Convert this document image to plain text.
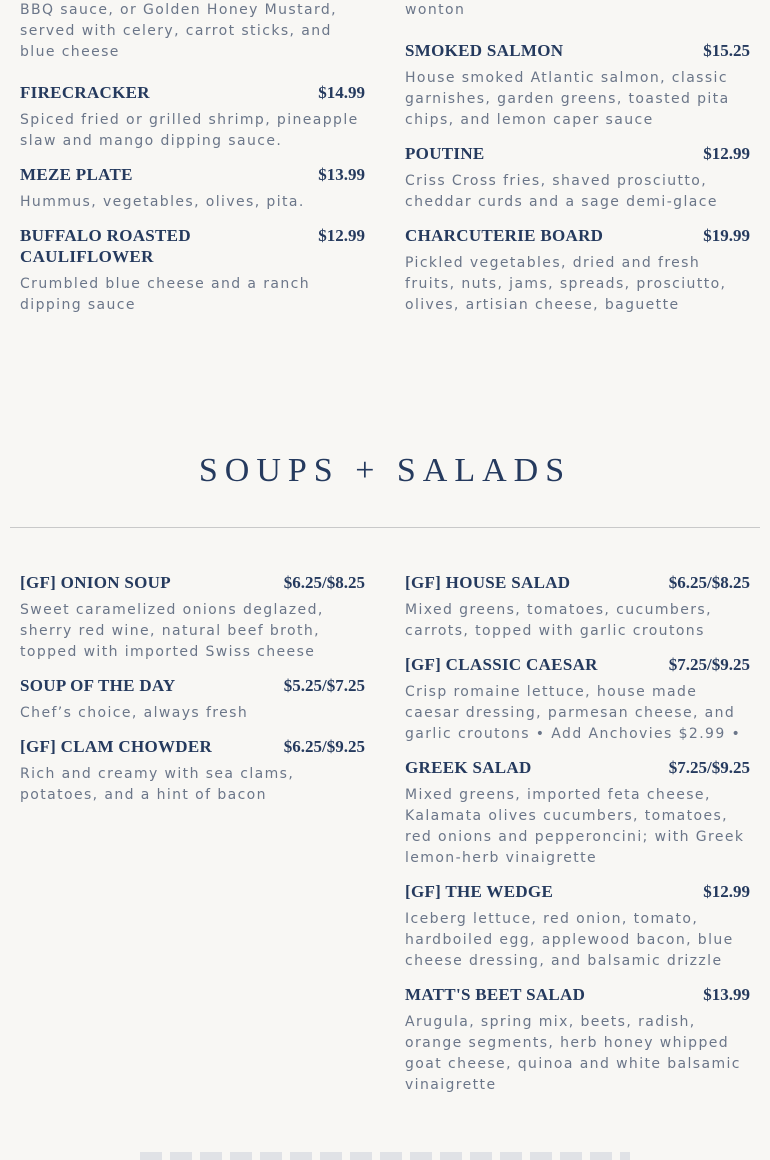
BBQ sauce, or Golden Honey Mustard, served with celery, carrot sticks, and blue cheese
FIRECRACKER	$14.99
Spiced fried or grilled shrimp, pineapple slaw and mango dipping sauce.
MEZE PLATE	$13.99
Hummus, vegetables, olives, pita.
BUFFALO ROASTED CAULIFLOWER
$12.99
Crumbled blue cheese and a ranch dipping sauce
wonton
SMOKED SALMON	$15.25
House smoked Atlantic salmon, classic garnishes, garden greens, toasted pita chips, and lemon caper sauce
POUTINE	$12.99
Criss Cross fries, shaved prosciutto, cheddar curds and a sage demi-glace
CHARCUTERIE BOARD	$19.99
Pickled vegetables, dried and fresh fruits, nuts, jams, spreads, prosciutto, olives, artisian cheese, baguette
SOUPS + SALADS
[GF] ONION SOUP	$6.25/$8.25
Sweet caramelized onions deglazed, sherry red wine, natural beef broth, topped with imported Swiss cheese
SOUP OF THE DAY	$5.25/$7.25
Chef’s choice, always fresh
[GF] CLAM CHOWDER	$6.25/$9.25
Rich and creamy with sea clams, potatoes, and a hint of bacon
[GF] HOUSE SALAD	$6.25/$8.25
Mixed greens, tomatoes, cucumbers, carrots, topped with garlic croutons
[GF] CLASSIC CAESAR	$7.25/$9.25
Crisp romaine lettuce, house made caesar dressing, parmesan cheese, and garlic croutons • Add Anchovies $2.99 •
GREEK SALAD	$7.25/$9.25
Mixed greens, imported feta cheese, Kalamata olives cucumbers, tomatoes, red onions and pepperoncini; with Greek lemon-herb vinaigrette
[GF] THE WEDGE	$12.99
Iceberg lettuce, red onion, tomato, hardboiled egg, applewood bacon, blue cheese dressing, and balsamic drizzle
MATT'S BEET SALAD	$13.99
Arugula, spring mix, beets, radish, orange segments, herb honey whipped goat cheese, quinoa and white balsamic vinaigrette
